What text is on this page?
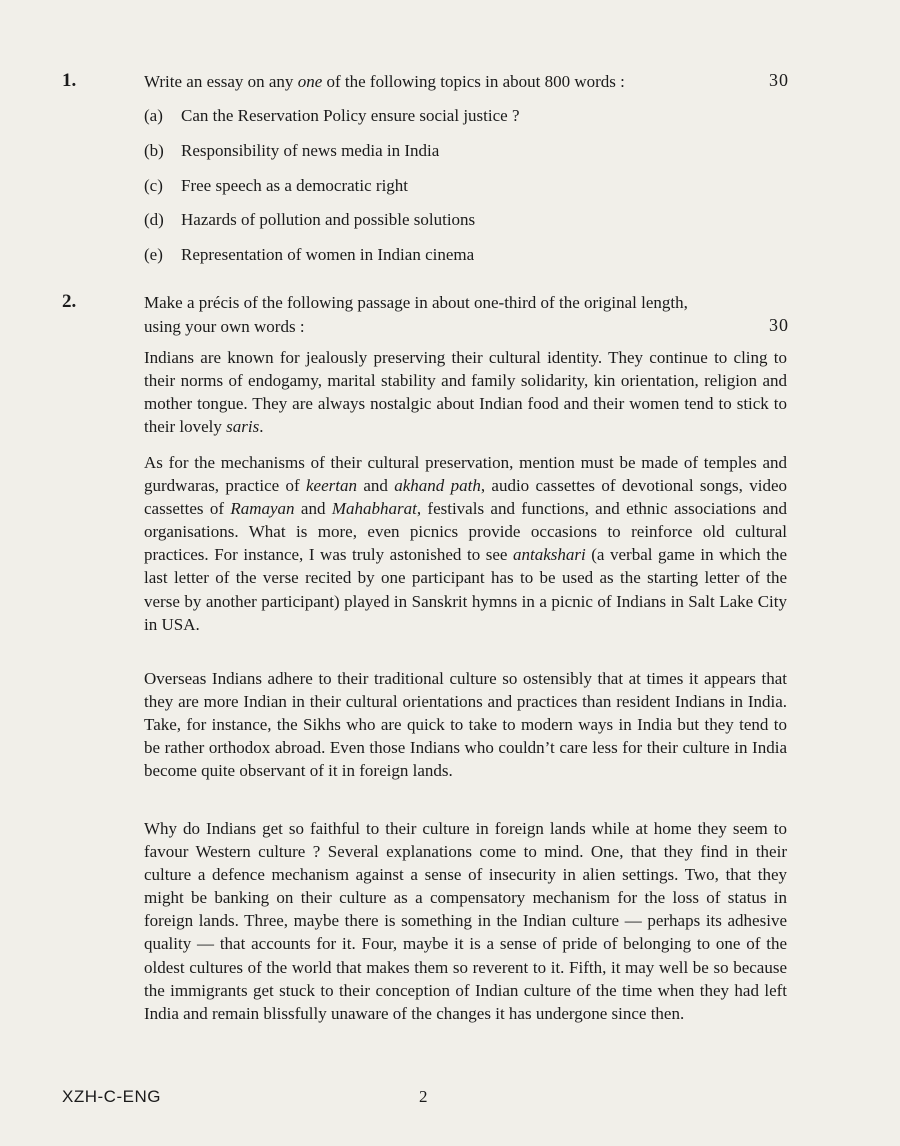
1.	Write an essay on any one of the following topics in about 800 words :	30
(a) Can the Reservation Policy ensure social justice ?
(b) Responsibility of news media in India
(c) Free speech as a democratic right
(d) Hazards of pollution and possible solutions
(e) Representation of women in Indian cinema
2.	Make a précis of the following passage in about one-third of the original length,
using your own words :	30

Indians are known for jealously preserving their cultural identity. They continue to cling to their norms of endogamy, marital stability and family solidarity, kin orientation, religion and mother tongue. They are always nostalgic about Indian food and their women tend to stick to their lovely saris.

As for the mechanisms of their cultural preservation, mention must be made of temples and gurdwaras, practice of keertan and akhand path, audio cassettes of devotional songs, video cassettes of Ramayan and Mahabharat, festivals and functions, and ethnic associations and organisations. What is more, even picnics provide occasions to reinforce old cultural practices. For instance, I was truly astonished to see antakshari (a verbal game in which the last letter of the verse recited by one participant has to be used as the starting letter of the verse by another participant) played in Sanskrit hymns in a picnic of Indians in Salt Lake City in USA.

Overseas Indians adhere to their traditional culture so ostensibly that at times it appears that they are more Indian in their cultural orientations and practices than resident Indians in India. Take, for instance, the Sikhs who are quick to take to modern ways in India but they tend to be rather orthodox abroad. Even those Indians who couldn’t care less for their culture in India become quite observant of it in foreign lands.

Why do Indians get so faithful to their culture in foreign lands while at home they seem to favour Western culture ? Several explanations come to mind. One, that they find in their culture a defence mechanism against a sense of insecurity in alien settings. Two, that they might be banking on their culture as a compensatory mechanism for the loss of status in foreign lands. Three, maybe there is something in the Indian culture — perhaps its adhesive quality — that accounts for it. Four, maybe it is a sense of pride of belonging to one of the oldest cultures of the world that makes them so reverent to it. Fifth, it may well be so because the immigrants get stuck to their conception of Indian culture of the time when they had left India and remain blissfully unaware of the changes it has undergone since then.

XZH-C-ENG	2
